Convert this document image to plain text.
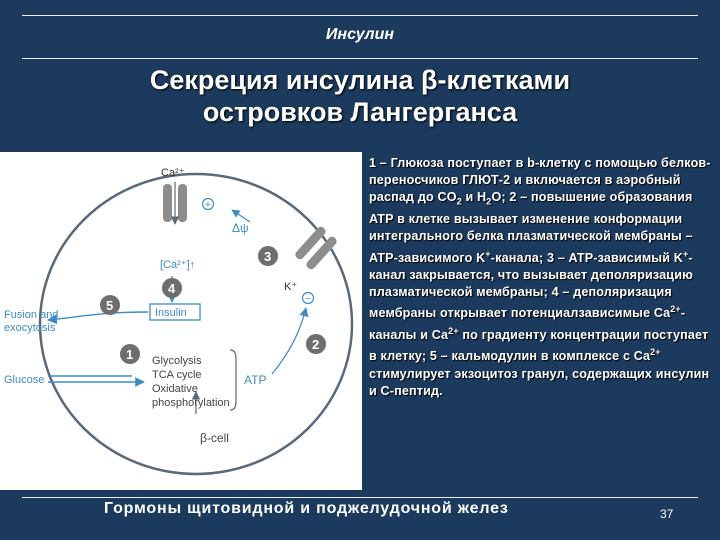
Инсулин
Секреция инсулина β-клетками
островков Лангерганса
Ca²⁺
+
[Ca²⁺]↑
Δψ
K⁺
−
Insulin
Fusion and
exocytosis
Glucose
Glycolysis
TCA cycle
Oxidative
phosphorylation
ATP
β-cell
1
2
3
4
5
1 – Глюкоза поступает в b-клетку с помощью белков-переносчиков ГЛЮТ-2 и включается в аэробный распад до $CO_2$ и $H_2O$; 2 – повышение образования ATP в клетке вызывает изменение конформации интегрального белка плазматической мембраны – ATP-зависимого K+-канала; 3 – ATP-зависимый K+-канал закрывается, что вызывает деполяризацию плазматической мембраны; 4 – деполяризация мембраны открывает потенциалзависимые $Ca^{2+}$-каналы и $Ca^{2+}$ по градиенту концентрации поступает в клетку; 5 – кальмодулин в комплексе с $Ca^{2+}$ стимулирует экзоцитоз гранул, содержащих инсулин и C-пептид.
Гормоны щитовидной и поджелудочной желез	37
